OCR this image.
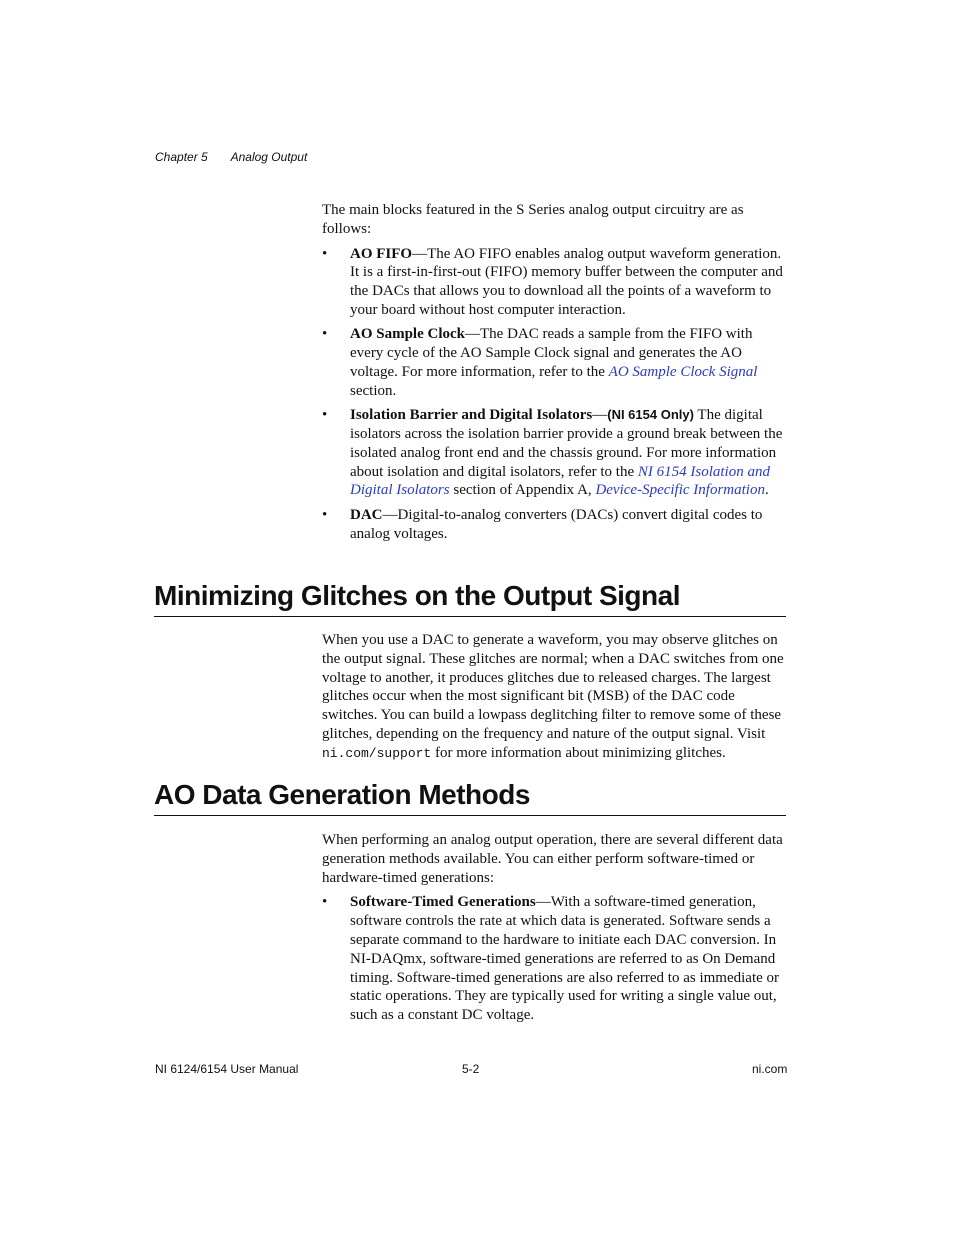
Chapter 5 Analog Output

The main blocks featured in the S Series analog output circuitry are as follows:

• AO FIFO—The AO FIFO enables analog output waveform generation. It is a first-in-first-out (FIFO) memory buffer between the computer and the DACs that allows you to download all the points of a waveform to your board without host computer interaction.
• AO Sample Clock—The DAC reads a sample from the FIFO with every cycle of the AO Sample Clock signal and generates the AO voltage. For more information, refer to the AO Sample Clock Signal section.
• Isolation Barrier and Digital Isolators—(NI 6154 Only) The digital isolators across the isolation barrier provide a ground break between the isolated analog front end and the chassis ground. For more information about isolation and digital isolators, refer to the NI 6154 Isolation and Digital Isolators section of Appendix A, Device-Specific Information.
• DAC—Digital-to-analog converters (DACs) convert digital codes to analog voltages.
Minimizing Glitches on the Output Signal

When you use a DAC to generate a waveform, you may observe glitches on the output signal. These glitches are normal; when a DAC switches from one voltage to another, it produces glitches due to released charges. The largest glitches occur when the most significant bit (MSB) of the DAC code switches. You can build a lowpass deglitching filter to remove some of these glitches, depending on the frequency and nature of the output signal. Visit ni.com/support for more information about minimizing glitches.

AO Data Generation Methods

When performing an analog output operation, there are several different data generation methods available. You can either perform software-timed or hardware-timed generations:

• Software-Timed Generations—With a software-timed generation, software controls the rate at which data is generated. Software sends a separate command to the hardware to initiate each DAC conversion. In NI-DAQmx, software-timed generations are referred to as On Demand timing. Software-timed generations are also referred to as immediate or static operations. They are typically used for writing a single value out, such as a constant DC voltage.
NI 6124/6154 User Manual	5-2	ni.com
